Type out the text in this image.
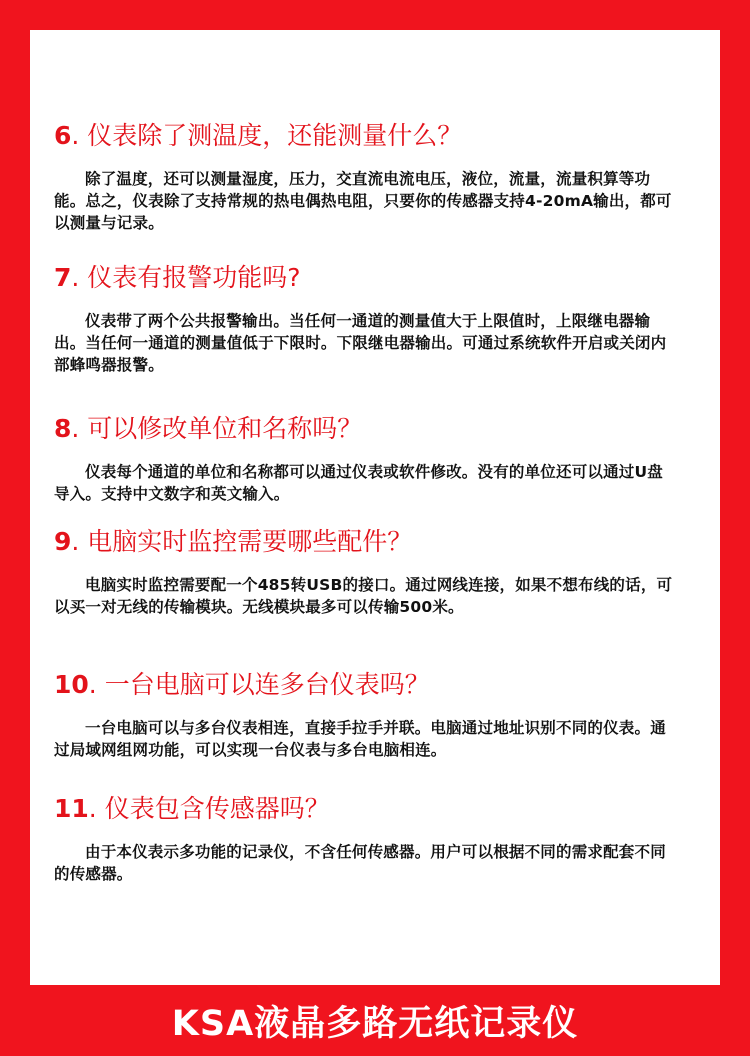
6. 仪表除了测温度，还能测量什么？

除了温度，还可以测量湿度，压力，交直流电流电压，液位，流量，流量积算等功能。总之，仪表除了支持常规的热电偶热电阻，只要你的传感器支持4-20mA输出，都可以测量与记录。

7. 仪表有报警功能吗?

仪表带了两个公共报警输出。当任何一通道的测量值大于上限值时，上限继电器输出。当任何一通道的测量值低于下限时。下限继电器输出。可通过系统软件开启或关闭内部蜂鸣器报警。

8. 可以修改单位和名称吗？

仪表每个通道的单位和名称都可以通过仪表或软件修改。没有的单位还可以通过U盘导入。支持中文数字和英文输入。

9. 电脑实时监控需要哪些配件？

电脑实时监控需要配一个485转USB的接口。通过网线连接，如果不想布线的话，可以买一对无线的传输模块。无线模块最多可以传输500米。

10. 一台电脑可以连多台仪表吗？

一台电脑可以与多台仪表相连，直接手拉手并联。电脑通过地址识别不同的仪表。通过局域网组网功能，可以实现一台仪表与多台电脑相连。

11. 仪表包含传感器吗？

由于本仪表示多功能的记录仪，不含任何传感器。用户可以根据不同的需求配套不同的传感器。

KSA液晶多路无纸记录仪
